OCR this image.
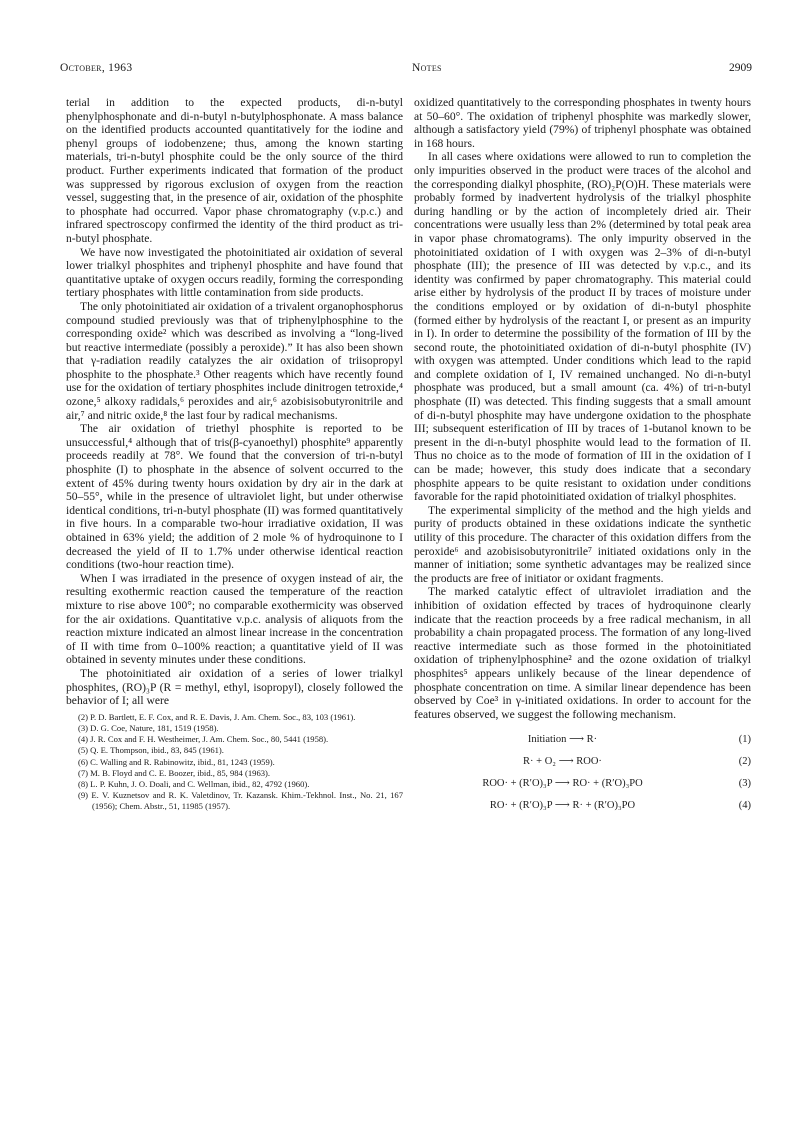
October, 1963	Notes	2909

terial in addition to the expected products, di-n-butyl phenylphosphonate and di-n-butyl n-butylphosphonate. A mass balance on the identified products accounted quantitatively for the iodine and phenyl groups of iodobenzene; thus, among the known starting materials, tri-n-butyl phosphite could be the only source of the third product. Further experiments indicated that formation of the product was suppressed by rigorous exclusion of oxygen from the reaction vessel, suggesting that, in the presence of air, oxidation of the phosphite to phosphate had occurred. Vapor phase chromatography (v.p.c.) and infrared spectroscopy confirmed the identity of the third product as tri-n-butyl phosphate.

We have now investigated the photoinitiated air oxidation of several lower trialkyl phosphites and triphenyl phosphite and have found that quantitative uptake of oxygen occurs readily, forming the corresponding tertiary phosphates with little contamination from side products.

The only photoinitiated air oxidation of a trivalent organophosphorus compound studied previously was that of triphenylphosphine to the corresponding oxide² which was described as involving a “long-lived but reactive intermediate (possibly a peroxide).” It has also been shown that γ-radiation readily catalyzes the air oxidation of triisopropyl phosphite to the phosphate.³ Other reagents which have recently found use for the oxidation of tertiary phosphites include dinitrogen tetroxide,⁴ ozone,⁵ alkoxy radidals,⁶ peroxides and air,⁶ azobisisobutyronitrile and air,⁷ and nitric oxide,⁸ the last four by radical mechanisms.

The air oxidation of triethyl phosphite is reported to be unsuccessful,⁴ although that of tris(β-cyanoethyl) phosphite⁹ apparently proceeds readily at 78°. We found that the conversion of tri-n-butyl phosphite (I) to phosphate in the absence of solvent occurred to the extent of 45% during twenty hours oxidation by dry air in the dark at 50–55°, while in the presence of ultraviolet light, but under otherwise identical conditions, tri-n-butyl phosphate (II) was formed quantitatively in five hours. In a comparable two-hour irradiative oxidation, II was obtained in 63% yield; the addition of 2 mole % of hydroquinone to I decreased the yield of II to 1.7% under otherwise identical reaction conditions (two-hour reaction time).

When I was irradiated in the presence of oxygen instead of air, the resulting exothermic reaction caused the temperature of the reaction mixture to rise above 100°; no comparable exothermicity was observed for the air oxidations. Quantitative v.p.c. analysis of aliquots from the reaction mixture indicated an almost linear increase in the concentration of II with time from 0–100% reaction; a quantitative yield of II was obtained in seventy minutes under these conditions.

The photoinitiated air oxidation of a series of lower trialkyl phosphites, (RO)₃P (R = methyl, ethyl, isopropyl), closely followed the behavior of I; all were

(2) P. D. Bartlett, E. F. Cox, and R. E. Davis, J. Am. Chem. Soc., 83, 103 (1961).
(3) D. G. Coe, Nature, 181, 1519 (1958).
(4) J. R. Cox and F. H. Westheimer, J. Am. Chem. Soc., 80, 5441 (1958).
(5) Q. E. Thompson, ibid., 83, 845 (1961).
(6) C. Walling and R. Rabinowitz, ibid., 81, 1243 (1959).
(7) M. B. Floyd and C. E. Boozer, ibid., 85, 984 (1963).
(8) L. P. Kuhn, J. O. Doali, and C. Wellman, ibid., 82, 4792 (1960).
(9) E. V. Kuznetsov and R. K. Valetdinov, Tr. Kazansk. Khim.-Tekhnol. Inst., No. 21, 167 (1956); Chem. Abstr., 51, 11985 (1957).

oxidized quantitatively to the corresponding phosphates in twenty hours at 50–60°. The oxidation of triphenyl phosphite was markedly slower, although a satisfactory yield (79%) of triphenyl phosphate was obtained in 168 hours.

In all cases where oxidations were allowed to run to completion the only impurities observed in the product were traces of the alcohol and the corresponding dialkyl phosphite, (RO)₂P(O)H. These materials were probably formed by inadvertent hydrolysis of the trialkyl phosphite during handling or by the action of incompletely dried air. Their concentrations were usually less than 2% (determined by total peak area in vapor phase chromatograms). The only impurity observed in the photoinitiated oxidation of I with oxygen was 2–3% of di-n-butyl phosphate (III); the presence of III was detected by v.p.c., and its identity was confirmed by paper chromatography. This material could arise either by hydrolysis of the product II by traces of moisture under the conditions employed or by oxidation of di-n-butyl phosphite (formed either by hydrolysis of the reactant I, or present as an impurity in I). In order to determine the possibility of the formation of III by the second route, the photoinitiated oxidation of di-n-butyl phosphite (IV) with oxygen was attempted. Under conditions which lead to the rapid and complete oxidation of I, IV remained unchanged. No di-n-butyl phosphate was produced, but a small amount (ca. 4%) of tri-n-butyl phosphate (II) was detected. This finding suggests that a small amount of di-n-butyl phosphite may have undergone oxidation to the phosphate III; subsequent esterification of III by traces of 1-butanol known to be present in the di-n-butyl phosphite would lead to the formation of II. Thus no choice as to the mode of formation of III in the oxidation of I can be made; however, this study does indicate that a secondary phosphite appears to be quite resistant to oxidation under conditions favorable for the rapid photoinitiated oxidation of trialkyl phosphites.

The experimental simplicity of the method and the high yields and purity of products obtained in these oxidations indicate the synthetic utility of this procedure. The character of this oxidation differs from the peroxide⁶ and azobisisobutyronitrile⁷ initiated oxidations only in the manner of initiation; some synthetic advantages may be realized since the products are free of initiator or oxidant fragments.

The marked catalytic effect of ultraviolet irradiation and the inhibition of oxidation effected by traces of hydroquinone clearly indicate that the reaction proceeds by a free radical mechanism, in all probability a chain propagated process. The formation of any long-lived reactive intermediate such as those formed in the photoinitiated oxidation of triphenylphosphine² and the ozone oxidation of trialkyl phosphites⁵ appears unlikely because of the linear dependence of phosphate concentration on time. A similar linear dependence has been observed by Coe³ in γ-initiated oxidations. In order to account for the features observed, we suggest the following mechanism.

Initiation ⟶ R·	(1)
R· + O₂ ⟶ ROO·	(2)
ROO· + (R′O)₃P ⟶ RO· + (R′O)₃PO	(3)
RO· + (R′O)₃P ⟶ R· + (R′O)₃PO	(4)
